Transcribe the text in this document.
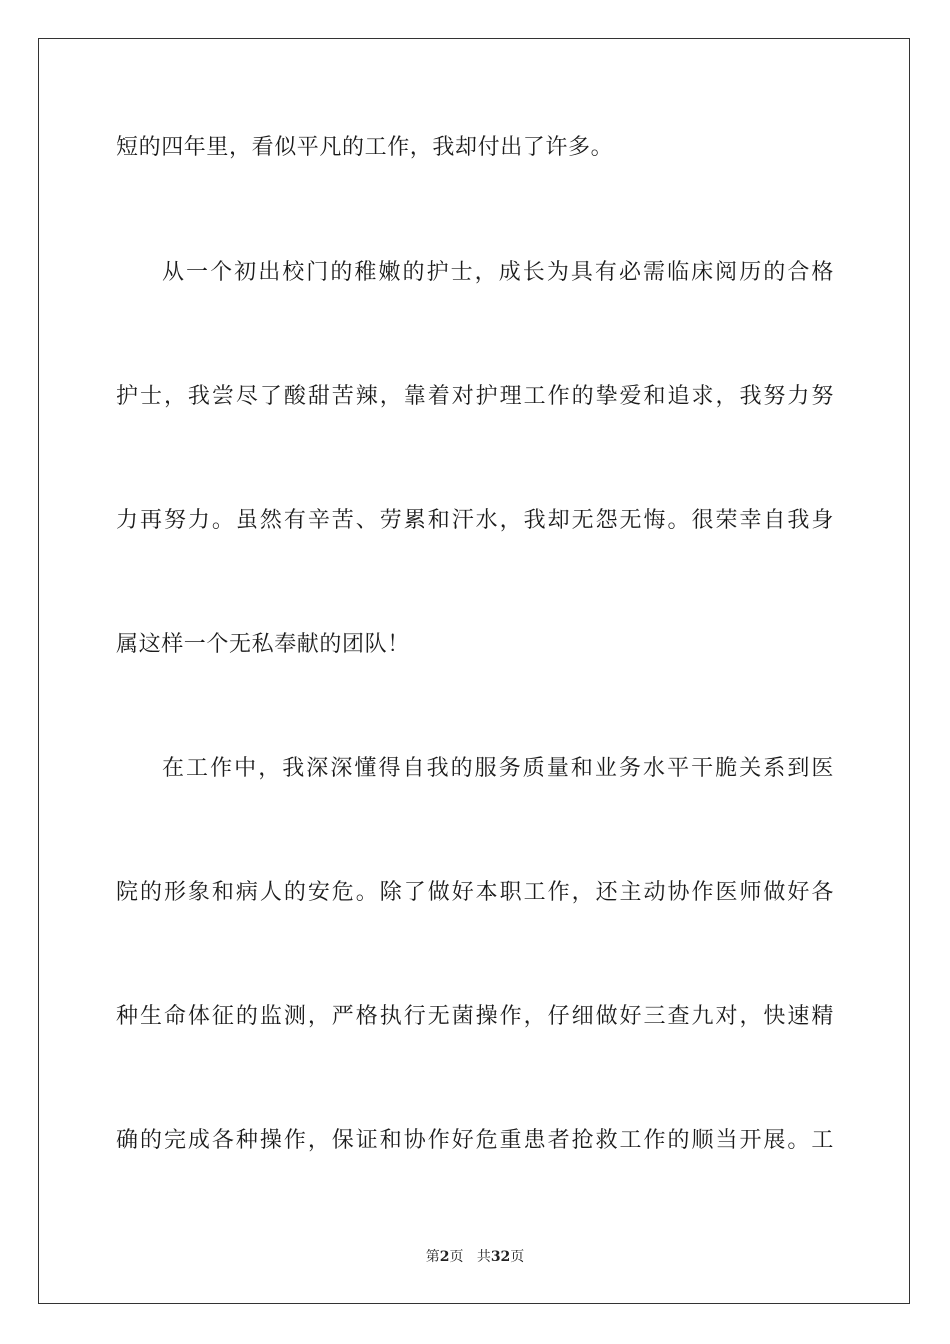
短的四年里，看似平凡的工作，我却付出了许多。
从一个初出校门的稚嫩的护士，成长为具有必需临床阅历的合格
护士，我尝尽了酸甜苦辣，靠着对护理工作的挚爱和追求，我努力努
力再努力。虽然有辛苦、劳累和汗水，我却无怨无悔。很荣幸自我身
属这样一个无私奉献的团队！
在工作中，我深深懂得自我的服务质量和业务水平干脆关系到医
院的形象和病人的安危。除了做好本职工作，还主动协作医师做好各
种生命体征的监测，严格执行无菌操作，仔细做好三查九对，快速精
确的完成各种操作，保证和协作好危重患者抢救工作的顺当开展。工
第2页 共32页
